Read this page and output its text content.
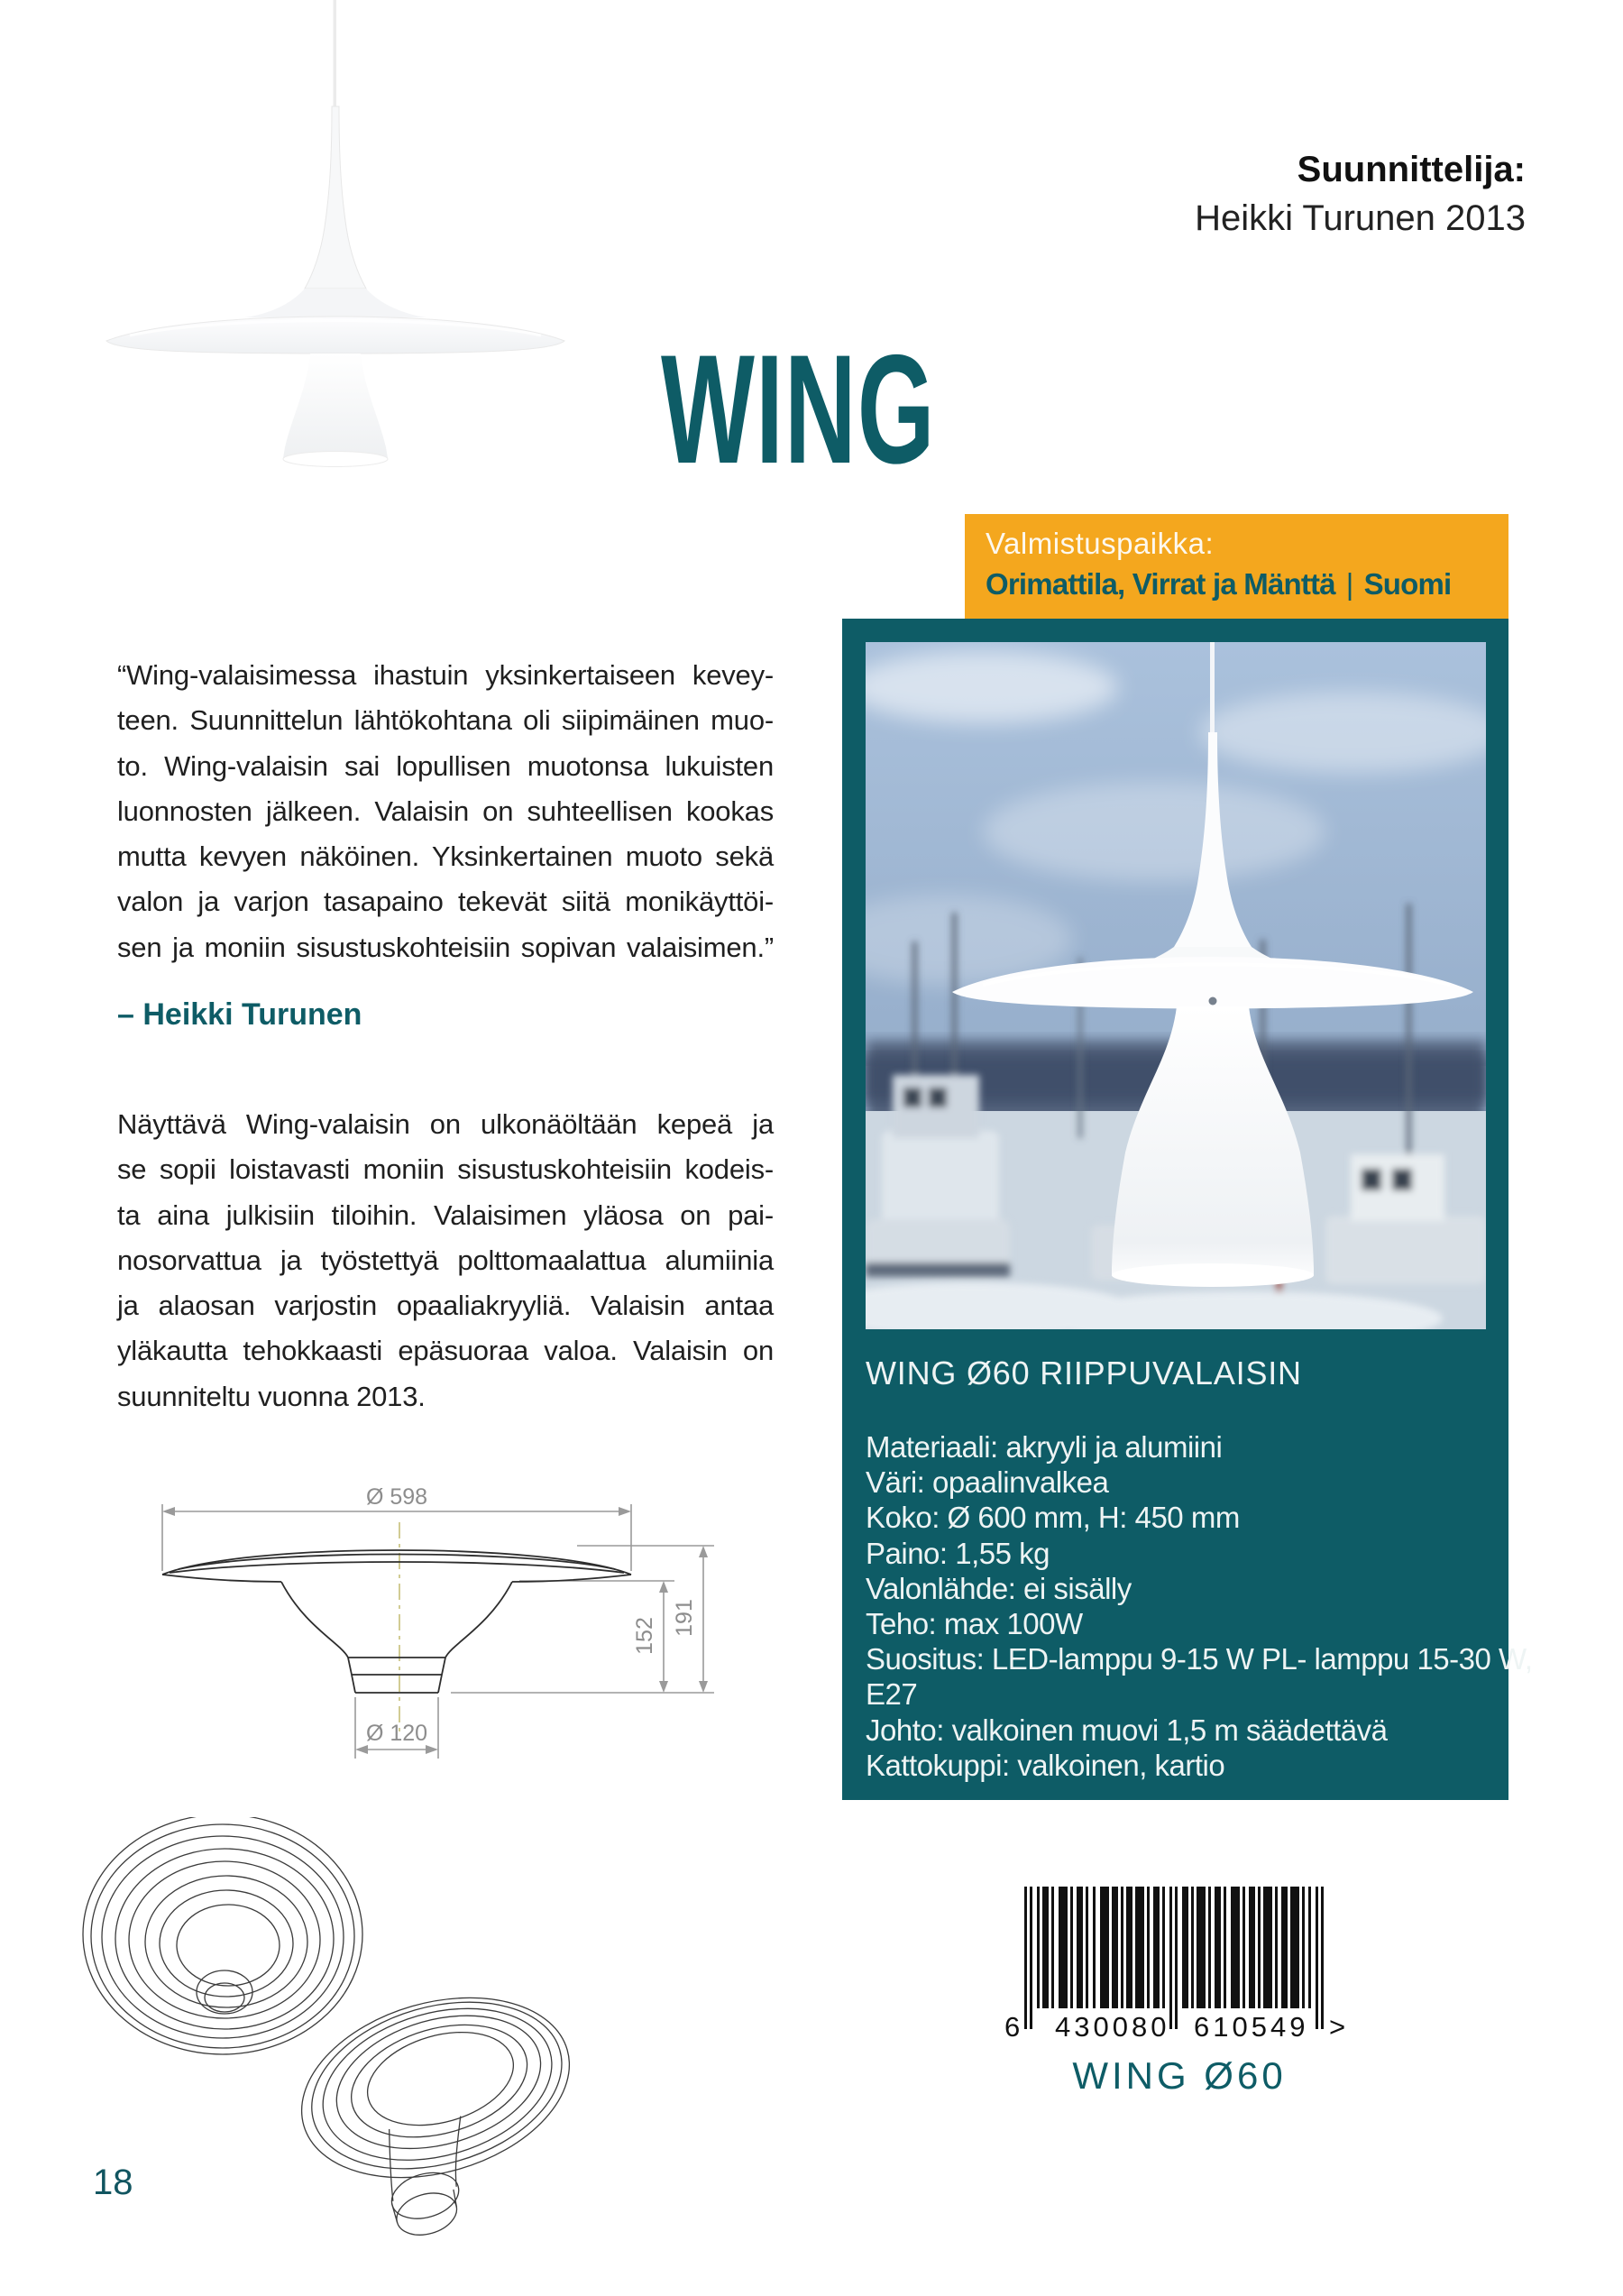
Suunnittelija:
Heikki Turunen 2013
WING
Valmistuspaikka:
Orimattila, Virrat ja Mänttä | Suomi
WING Ø60 RIIPPUVALAISIN
Materiaali: akryyli ja alumiini
Väri: opaalinvalkea
Koko: Ø 600 mm, H: 450 mm
Paino: 1,55 kg
Valonlähde: ei sisälly
Teho: max 100W
Suositus: LED-lamppu 9-15 W PL- lamppu 15-30 W,
E27
Johto: valkoinen muovi 1,5 m säädettävä
Kattokuppi: valkoinen, kartio
“Wing-valaisimessa ihastuin yksinkertaiseen kevey-
teen. Suunnittelun lähtökohtana oli siipimäinen muo-
to. Wing-valaisin sai lopullisen muotonsa lukuisten
luonnosten jälkeen. Valaisin on suhteellisen kookas
mutta kevyen näköinen. Yksinkertainen muoto sekä
valon ja varjon tasapaino tekevät siitä monikäyttöi-
sen ja moniin sisustuskohteisiin sopivan valaisimen.”
– Heikki Turunen
Näyttävä Wing-valaisin on ulkonäöltään kepeä ja
se sopii loistavasti moniin sisustuskohteisiin kodeis-
ta aina julkisiin tiloihin. Valaisimen yläosa on pai-
nosorvattua ja työstettyä polttomaalattua alumiinia
ja alaosan varjostin opaaliakryyliä. Valaisin antaa
yläkautta tehokkaasti epäsuoraa valoa. Valaisin on
suunniteltu vuonna 2013.
Ø 598
152 191
Ø 120
6 430080 610549 >
WING Ø60
18
